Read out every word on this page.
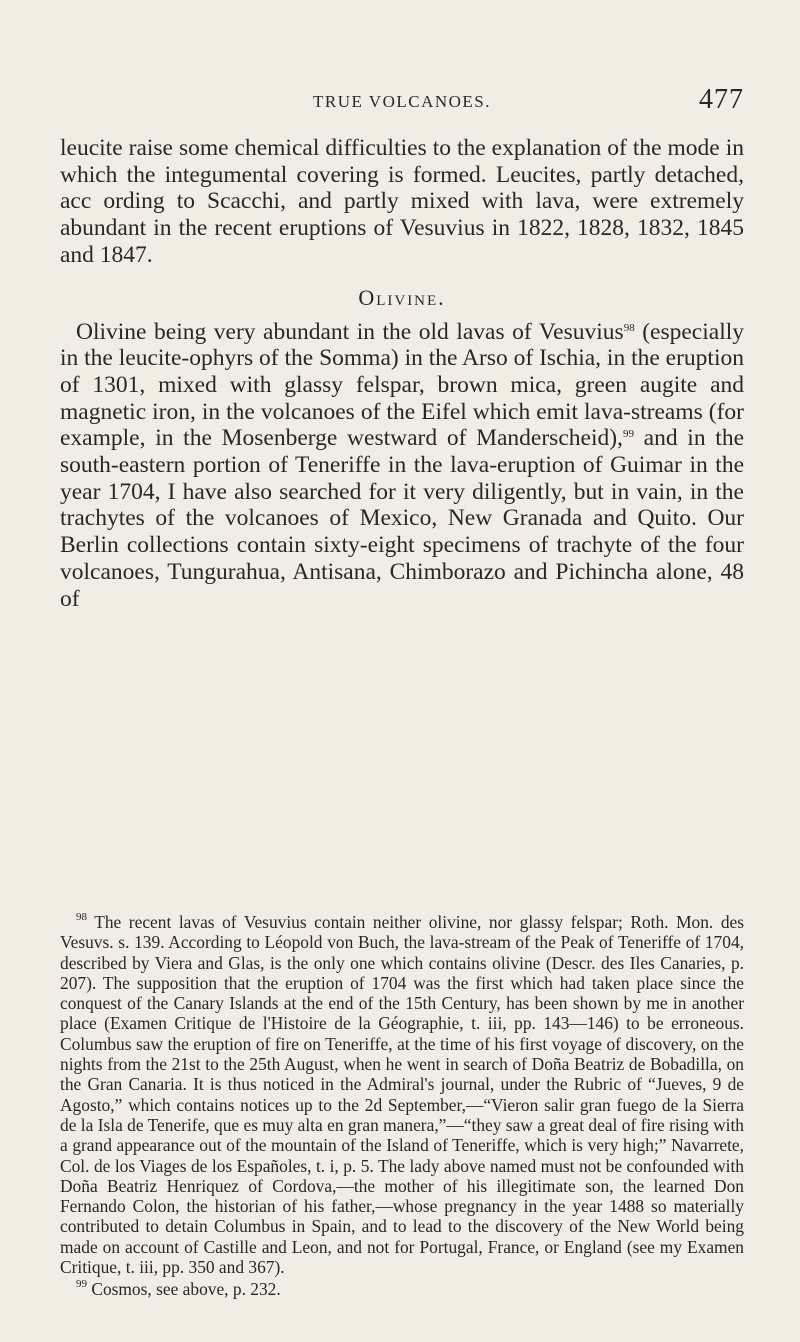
TRUE VOLCANOES.	477

leucite raise some chemical difficulties to the explanation of the mode in which the integumental covering is formed. Leucites, partly detached, acc ording to Scacchi, and partly mixed with lava, were extremely abundant in the recent eruptions of Vesuvius in 1822, 1828, 1832, 1845 and 1847.

Olivine.

Olivine being very abundant in the old lavas of Vesuvius$^{98}$ (especially in the leucite-ophyrs of the Somma) in the Arso of Ischia, in the eruption of 1301, mixed with glassy felspar, brown mica, green augite and magnetic iron, in the volcanoes of the Eifel which emit lava-streams (for example, in the Mosenberge westward of Manderscheid),$^{99}$ and in the south-eastern portion of Teneriffe in the lava-eruption of Guimar in the year 1704, I have also searched for it very diligently, but in vain, in the trachytes of the volcanoes of Mexico, New Granada and Quito. Our Berlin collections contain sixty-eight specimens of trachyte of the four volcanoes, Tungurahua, Antisana, Chimborazo and Pichincha alone, 48 of

$^{98}$ The recent lavas of Vesuvius contain neither olivine, nor glassy felspar; Roth. Mon. des Vesuvs. s. 139. According to Léopold von Buch, the lava-stream of the Peak of Teneriffe of 1704, described by Viera and Glas, is the only one which contains olivine (Descr. des Iles Canaries, p. 207). The supposition that the eruption of 1704 was the first which had taken place since the conquest of the Canary Islands at the end of the 15th Century, has been shown by me in another place (Examen Critique de l'Histoire de la Géographie, t. iii, pp. 143—146) to be erroneous. Columbus saw the eruption of fire on Teneriffe, at the time of his first voyage of discovery, on the nights from the 21st to the 25th August, when he went in search of Doña Beatriz de Bobadilla, on the Gran Canaria. It is thus noticed in the Admiral's journal, under the Rubric of “Jueves, 9 de Agosto,” which contains notices up to the 2d September,—“Vieron salir gran fuego de la Sierra de la Isla de Tenerife, que es muy alta en gran manera,”—“they saw a great deal of fire rising with a grand appearance out of the mountain of the Island of Teneriffe, which is very high;” Navarrete, Col. de los Viages de los Españoles, t. i, p. 5. The lady above named must not be confounded with Doña Beatriz Henriquez of Cordova,—the mother of his illegitimate son, the learned Don Fernando Colon, the historian of his father,—whose pregnancy in the year 1488 so materially contributed to detain Columbus in Spain, and to lead to the discovery of the New World being made on account of Castille and Leon, and not for Portugal, France, or England (see my Examen Critique, t. iii, pp. 350 and 367).

$^{99}$ Cosmos, see above, p. 232.
